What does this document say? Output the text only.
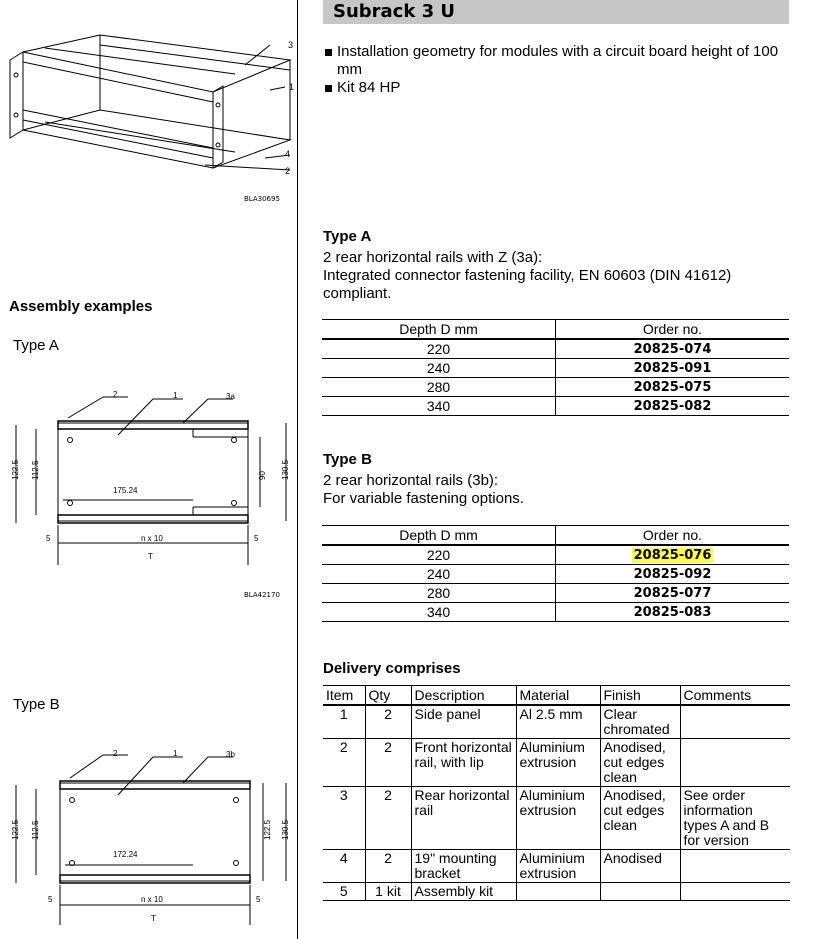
Subrack 3 U
Installation geometry for modules with a circuit board height of 100 mm
Kit 84 HP
3
1
4
2
BLA30695
Assembly examples
Type A
2	1	3a
122.5 112.5	90 130.5
175.24
5	n x 10	5
T
BLA42170
Type B
2	1	3b
122.5 112.5	122.5 130.5
172.24
5	n x 10	5
T
Type A
2 rear horizontal rails with Z (3a):
Integrated connector fastening facility, EN 60603 (DIN 41612) compliant.
Depth D mm	Order no.
220	20825-074
240	20825-091
280	20825-075
340	20825-082
Type B
2 rear horizontal rails (3b):
For variable fastening options.
Depth D mm	Order no.
220	20825-076
240	20825-092
280	20825-077
340	20825-083
Delivery comprises
Item	Qty	Description	Material	Finish	Comments
1	2	Side panel	Al 2.5 mm	Clear chromated	
2	2	Front horizontal rail, with lip	Aluminium extrusion	Anodised, cut edges clean	
3	2	Rear horizontal rail	Aluminium extrusion	Anodised, cut edges clean	See order information types A and B for version
4	2	19" mounting bracket	Aluminium extrusion	Anodised	
5	1 kit	Assembly kit			
